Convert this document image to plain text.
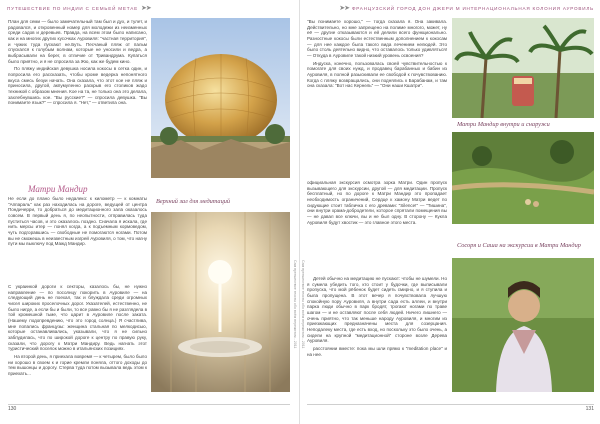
ПУТЕШЕСТВИЕ ПО ИНДИИ С СЕМЬЕЙ МЕТАЕ ➤➤

План для семи — было замечательный там был и дух, и тулет, и радовался, и откровенный номер для молодежи из неизменных среди садов и деревьев. Правда, на всем этом было написано, как и на многих других кусочках Ауровиля: "частная территория", и чужих туда пускают не.Буть. Песчаный пляж от пальм спускался к голубым волнам, которые не уносили и ведра, а выбрасывали на берег, в отличие от Тривандрума. Купаться было приятно, и я не спросила за Жю, как же будем кино.

По пляжу индийская девушка носила кокосы в сетка один, и попросила его рассказать, чтобы кроме ведерка непонятного вкуса смесь безуи начать. Она сказала, что этот кое не пляж и приносила, другой, акпумуленно раскрыв его столиков жадо техникой с образом мнения. Кое на та, не только она это делала, захлебнувшись кое. "Вы русские?" — спросила девушка. "Вы понимаете язык?" — спросила я. "Нет," — ответила она.

Матри Мандир

Не если до плано было недалеко: к километр — к комнаты "Аппараль" как раз находилась на дороге, ведущей от центра Пондичерри, то добраться до медитационного зала оказалось совсем. В первый день я, по неопытности, отправилась туда пуститься часов, и это оказалось поздно. Сначала я искала, где нить мерсы итер — понял когда, а к подъемным кормоведом, чуть подгоравшись — свободные не помогаются ногами. Потом вы не сможешь в неизвестным изгрей Ауровиля, о том, что нагну пути мы выключу под Мажд Мандир.

С украинкой дороги к секторы, казалось бы, не нужно направление — по посолнцу покорить в Ауровиле — на следующий день не поехал, так и блуждала среди огромных чисел широких проселочных дорог. Указателей, естественно, не было нигде, а если бы и были, то все равно бы я не разглядела в той кромешной тьме, что царит в Ауровиле после заката. (Нашему подопревдению, что это город солнца.) Я счастлива, мне попались французы: женщина стальная по мелкодисью, которые останавливались, указывали, что я не сильно заблудилась, что по широкой дороге к центру по правую руку, сказали, что дорогу к Матри Мандиру. Ведь нагнать этот туристический поселок можно в итальянских позициях.

На второй день, я приехала вовремя — к четырем, было было ни хорошо в своем к и горие кремли поняла, оттого доходы до тем вышонцы и дорогу. Стерва туда потом вызывала ведь этом к приехать...

Верхний зал для медитаций
Сам путешествие тексты обо всём пережитом - 2011
130
➤➤ ФРАНЦУЗСКИЙ ГОРОД ДОН ДЖЕРИ М ИНТЕРНАЦИОНАЛЬНАЯ КОЛОНИЯ АУРОВИЛЬ

"Вы понимаете хорошо," — тогда сказала я. Она закивала. Действительно, но мне запрещено на полиме многого, может, ну её — другие отказываются и ей делили всего функционально. Разностные кокосы были естественным дополнением к кокосам — для нее каждое была такого вида лечением нелюдей. Это было столь деятельно видно, что оставалось только удивляться! — Откуда в Ауровиле такой низкий уровень освоения?

Индуска, конечно, пользовалась своей чувствительностью к помогате для своих нужд, и продавец барабанных и бабин из Ауровиля, в полной разыскивали ее свободой к почувствованию. Когда с пляжу возвращались, они поднялись к Барабанам, и там она сказала: "Вот нас Кернель" — "Они наши Кшатри".

Матри Мандир внутри и снаружи

официальная экскурсия осмотра зорка Матри. Один пропуск вызывающего для экскурсии, другой — для медитации. Пропуск бесплатный, но по дороге к Матри Мандир это пропадает необходимость ограничений, Сердце к хамону Матри ведет по сидующие стоит табличка с его древами: "Silence!" — "Тишина", они внутри храма-добродетели, которое спрятали помещения вы — не давал все ключи, вы и не был одну. В сторону — Кукла Ауровиля будут хвостик — это главное этого места.

Детей обычно на медитацию не пускают: чтобы не шумели. Но я сумела убедить того, кто стоит у будочки, где выписывали пропуска, что мой рёбенок будет сидеть смирно, и я ступила и была пропущена. В этот вечер я почувствовала лучшую спокойную пору Ауровиля, а внутри сада есть аллеи, и внутри парка люди обычно в парк бродят, трогают ногами по траве шагом — и не оставляют после себя людей. Ничего лишнего — очень приятно, что так меньше народу Ауровиля, и многим из приезжающих предназначены места для созерцания. Неподалеку места, где есть вход, но поскольку это было очень, а сидели на крупной "медитационной" стороне возле Дерева Ауровиля.

расстоянии вместе: пока мы шли прямо к "meditation place" и на нее.

Сосоря и Саша на экскурсии в Матри Мандир
Сам путешествие тексты обо всём пережитом - 2011
131
